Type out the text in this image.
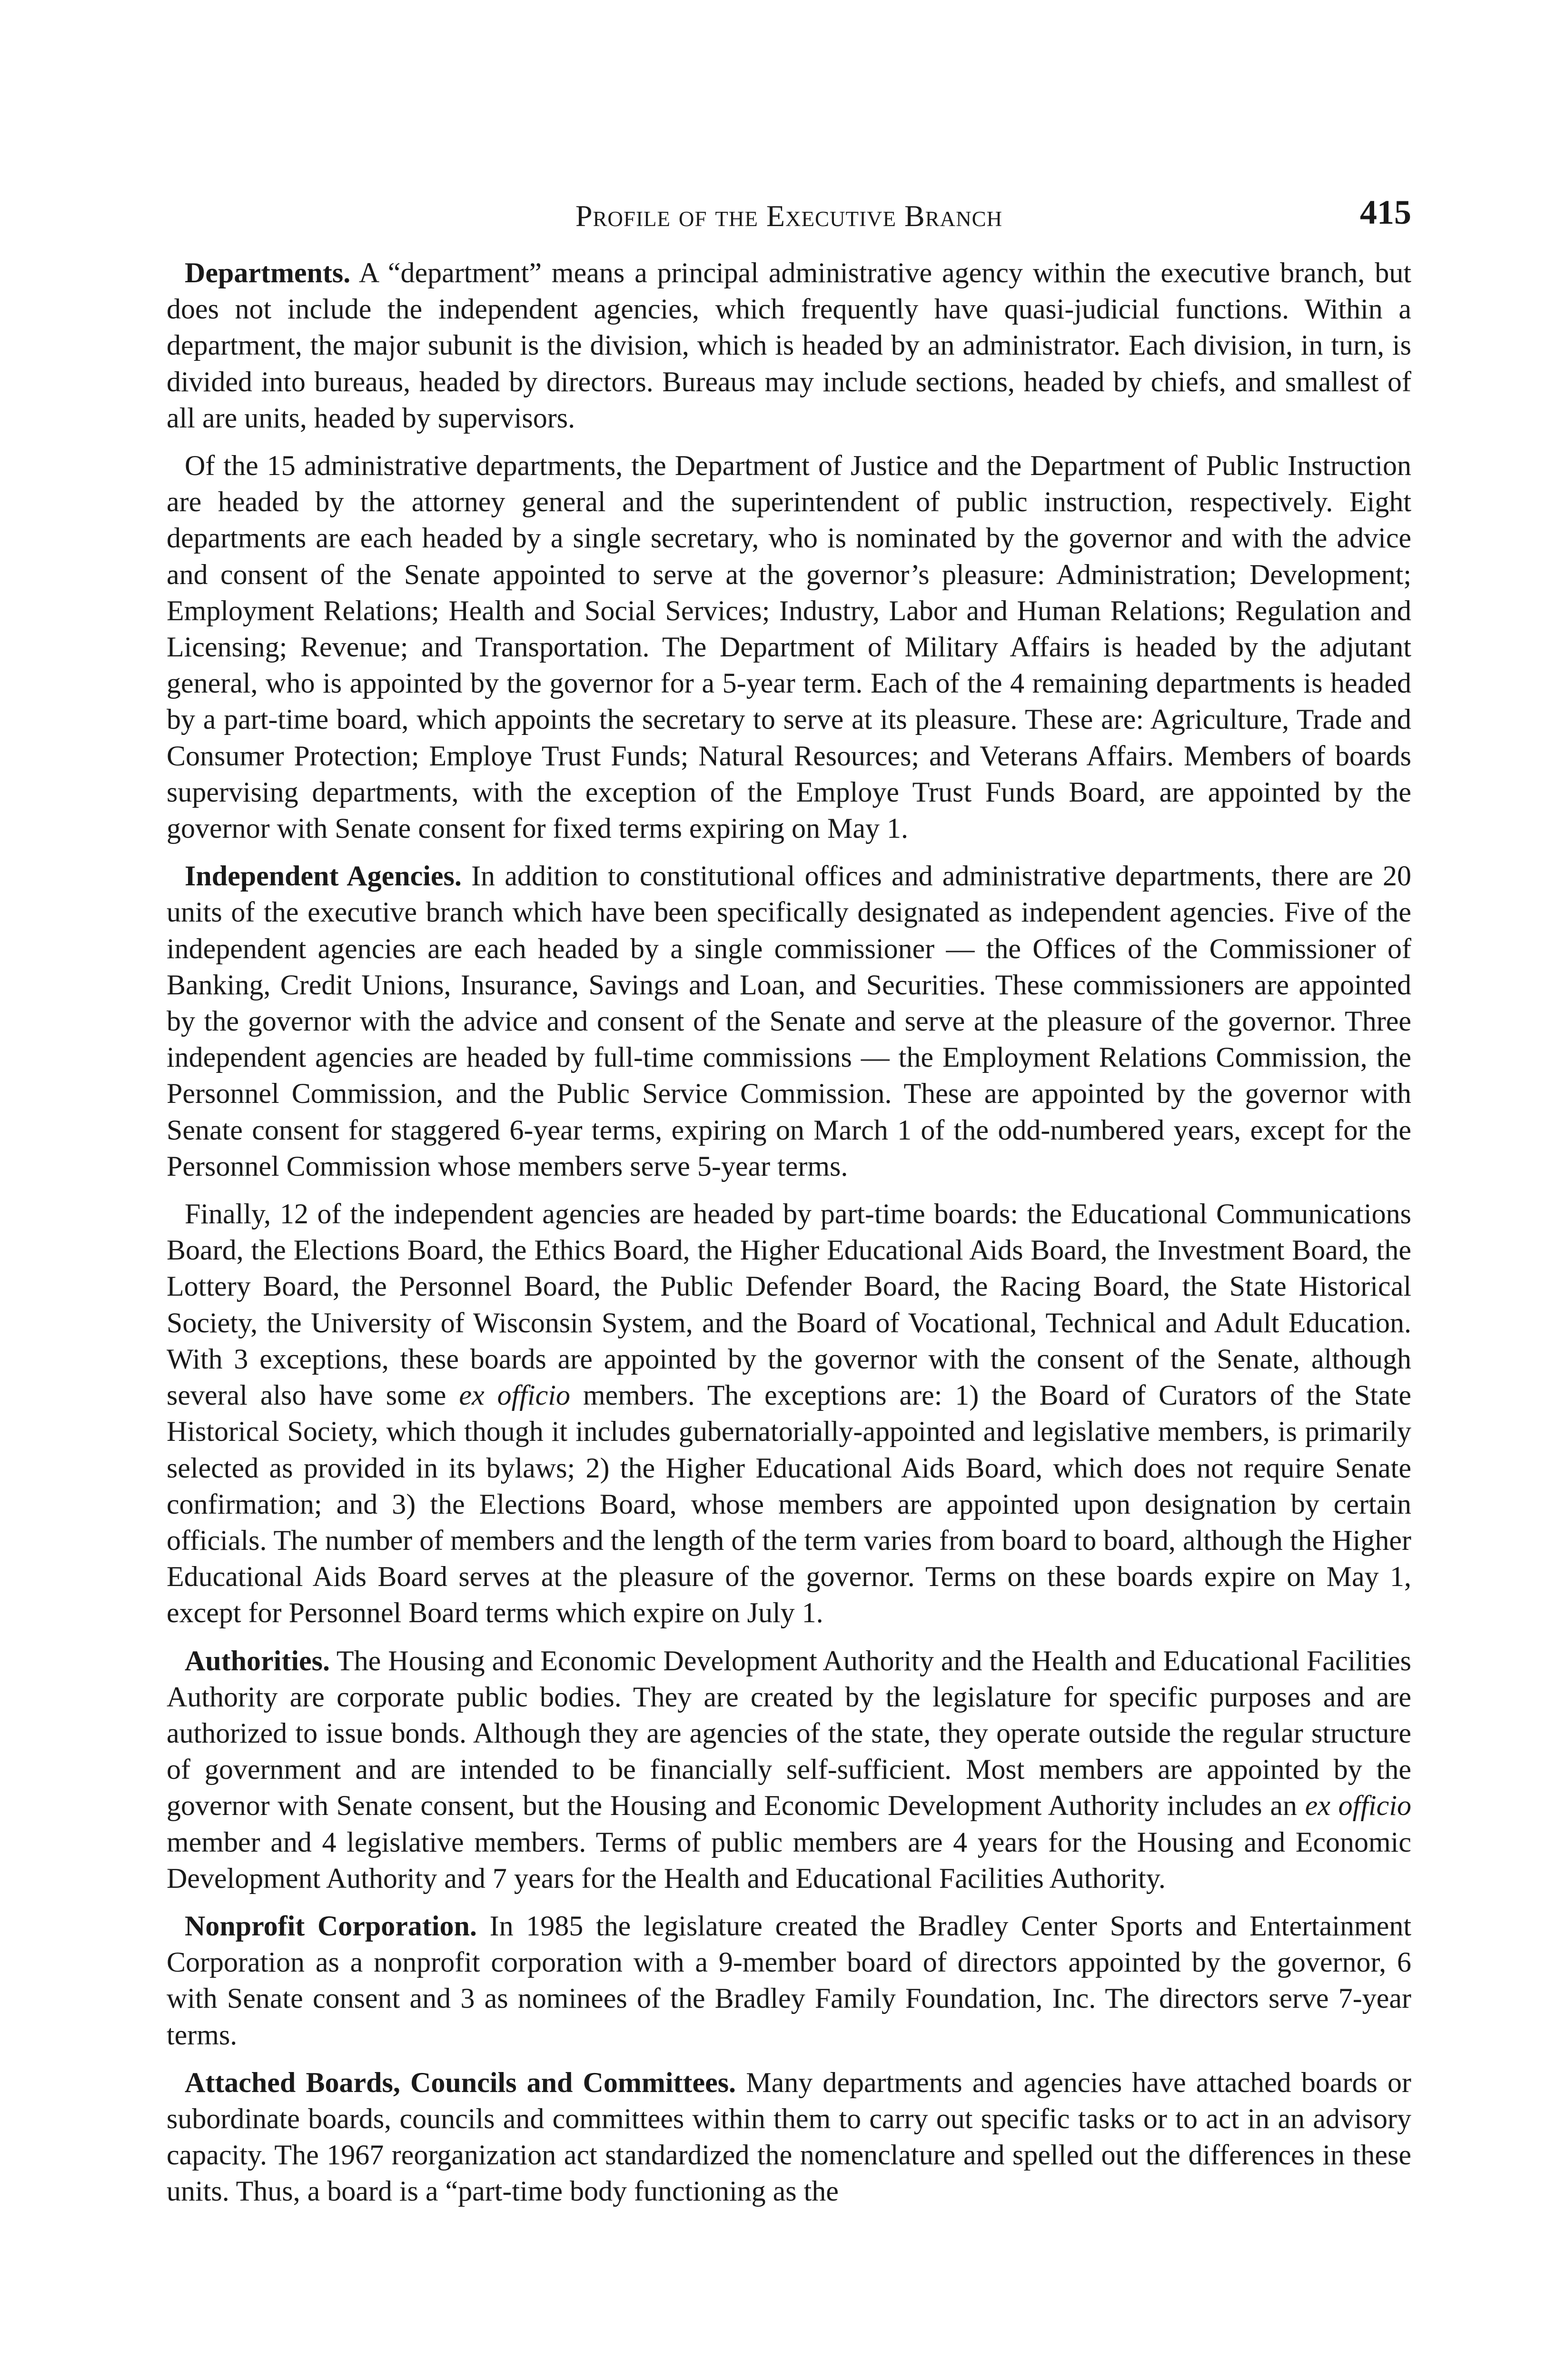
Profile of the Executive Branch	415

Departments. A “department” means a principal administrative agency within the executive branch, but does not include the independent agencies, which frequently have quasi-judicial functions. Within a department, the major subunit is the division, which is headed by an administrator. Each division, in turn, is divided into bureaus, headed by directors. Bureaus may include sections, headed by chiefs, and smallest of all are units, headed by supervisors.

Of the 15 administrative departments, the Department of Justice and the Department of Public Instruction are headed by the attorney general and the superintendent of public instruction, respectively. Eight departments are each headed by a single secretary, who is nominated by the governor and with the advice and consent of the Senate appointed to serve at the governor’s pleasure: Administration; Development; Employment Relations; Health and Social Services; Industry, Labor and Human Relations; Regulation and Licensing; Revenue; and Transportation. The Department of Military Affairs is headed by the adjutant general, who is appointed by the governor for a 5-year term. Each of the 4 remaining departments is headed by a part-time board, which appoints the secretary to serve at its pleasure. These are: Agriculture, Trade and Consumer Protection; Employe Trust Funds; Natural Resources; and Veterans Affairs. Members of boards supervising departments, with the exception of the Employe Trust Funds Board, are appointed by the governor with Senate consent for fixed terms expiring on May 1.

Independent Agencies. In addition to constitutional offices and administrative departments, there are 20 units of the executive branch which have been specifically designated as independent agencies. Five of the independent agencies are each headed by a single commissioner — the Offices of the Commissioner of Banking, Credit Unions, Insurance, Savings and Loan, and Securities. These commissioners are appointed by the governor with the advice and consent of the Senate and serve at the pleasure of the governor. Three independent agencies are headed by full-time commissions — the Employment Relations Commission, the Personnel Commission, and the Public Service Commission. These are appointed by the governor with Senate consent for staggered 6-year terms, expiring on March 1 of the odd-numbered years, except for the Personnel Commission whose members serve 5-year terms.

Finally, 12 of the independent agencies are headed by part-time boards: the Educational Communications Board, the Elections Board, the Ethics Board, the Higher Educational Aids Board, the Investment Board, the Lottery Board, the Personnel Board, the Public Defender Board, the Racing Board, the State Historical Society, the University of Wisconsin System, and the Board of Vocational, Technical and Adult Education. With 3 exceptions, these boards are appointed by the governor with the consent of the Senate, although several also have some ex officio members. The exceptions are: 1) the Board of Curators of the State Historical Society, which though it includes gubernatorially-appointed and legislative members, is primarily selected as provided in its bylaws; 2) the Higher Educational Aids Board, which does not require Senate confirmation; and 3) the Elections Board, whose members are appointed upon designation by certain officials. The number of members and the length of the term varies from board to board, although the Higher Educational Aids Board serves at the pleasure of the governor. Terms on these boards expire on May 1, except for Personnel Board terms which expire on July 1.

Authorities. The Housing and Economic Development Authority and the Health and Educational Facilities Authority are corporate public bodies. They are created by the legislature for specific purposes and are authorized to issue bonds. Although they are agencies of the state, they operate outside the regular structure of government and are intended to be financially self-sufficient. Most members are appointed by the governor with Senate consent, but the Housing and Economic Development Authority includes an ex officio member and 4 legislative members. Terms of public members are 4 years for the Housing and Economic Development Authority and 7 years for the Health and Educational Facilities Authority.

Nonprofit Corporation. In 1985 the legislature created the Bradley Center Sports and Entertainment Corporation as a nonprofit corporation with a 9-member board of directors appointed by the governor, 6 with Senate consent and 3 as nominees of the Bradley Family Foundation, Inc. The directors serve 7-year terms.

Attached Boards, Councils and Committees. Many departments and agencies have attached boards or subordinate boards, councils and committees within them to carry out specific tasks or to act in an advisory capacity. The 1967 reorganization act standardized the nomenclature and spelled out the differences in these units. Thus, a board is a “part-time body functioning as the
